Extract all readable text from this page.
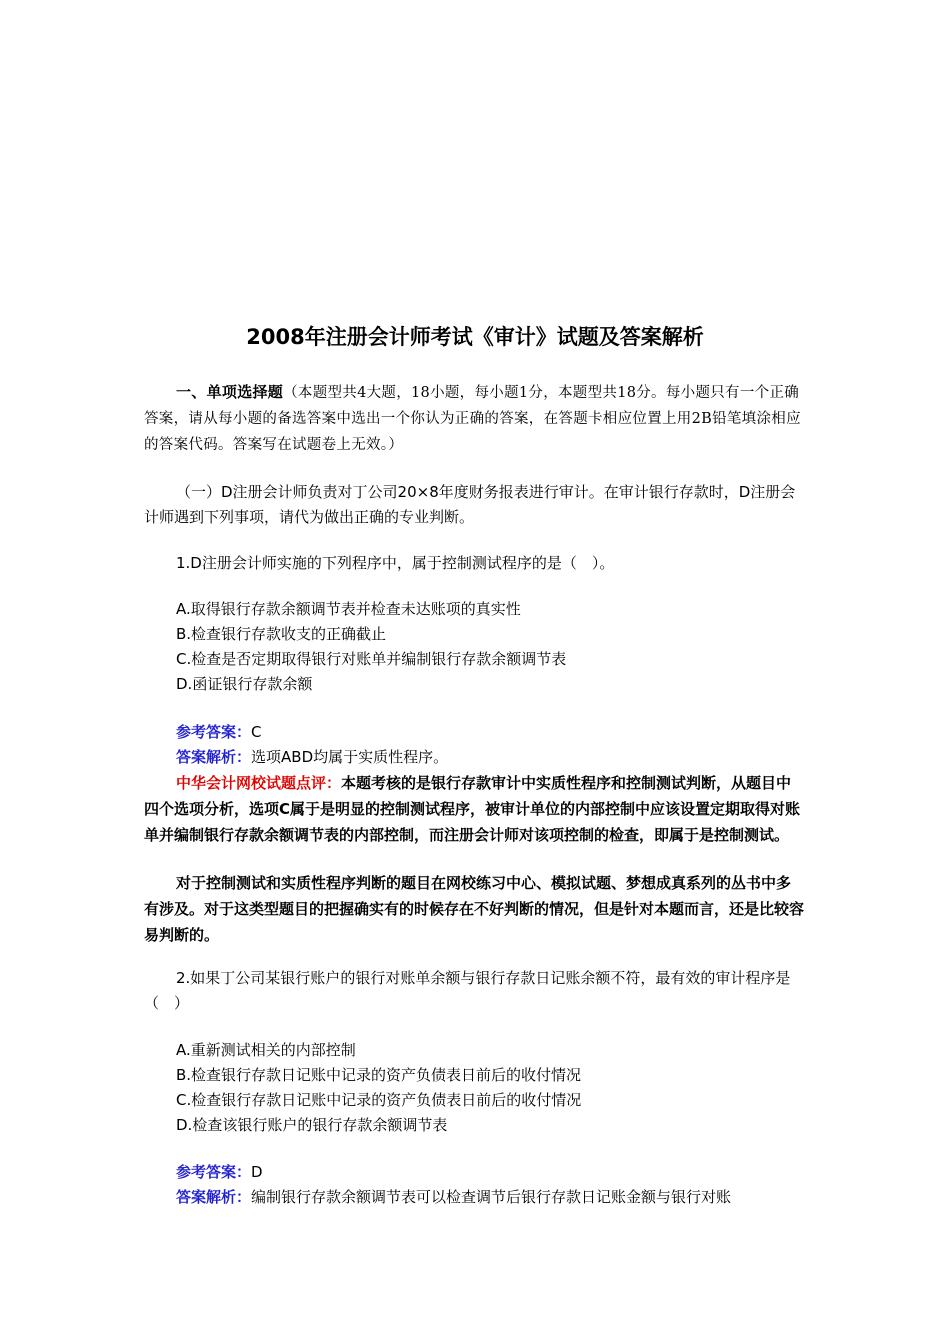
2008年注册会计师考试《审计》试题及答案解析

一、单项选择题（本题型共4大题，18小题，每小题1分，本题型共18分。每小题只有一个正确答案，请从每小题的备选答案中选出一个你认为正确的答案，在答题卡相应位置上用2B铅笔填涂相应的答案代码。答案写在试题卷上无效。）

（一）D注册会计师负责对丁公司20×8年度财务报表进行审计。在审计银行存款时，D注册会计师遇到下列事项，请代为做出正确的专业判断。

1.D注册会计师实施的下列程序中，属于控制测试程序的是（　）。

A.取得银行存款余额调节表并检查未达账项的真实性
B.检查银行存款收支的正确截止
C.检查是否定期取得银行对账单并编制银行存款余额调节表
D.函证银行存款余额
参考答案：C
答案解析：选项ABD均属于实质性程序。

中华会计网校试题点评：本题考核的是银行存款审计中实质性程序和控制测试判断，从题目中四个选项分析，选项C属于是明显的控制测试程序，被审计单位的内部控制中应该设置定期取得对账单并编制银行存款余额调节表的内部控制，而注册会计师对该项控制的检查，即属于是控制测试。

对于控制测试和实质性程序判断的题目在网校练习中心、模拟试题、梦想成真系列的丛书中多有涉及。对于这类型题目的把握确实有的时候存在不好判断的情况，但是针对本题而言，还是比较容易判断的。

2.如果丁公司某银行账户的银行对账单余额与银行存款日记账余额不符，最有效的审计程序是（　）

A.重新测试相关的内部控制
B.检查银行存款日记账中记录的资产负债表日前后的收付情况
C.检查银行存款日记账中记录的资产负债表日前后的收付情况
D.检查该银行账户的银行存款余额调节表
参考答案：D
答案解析：编制银行存款余额调节表可以检查调节后银行存款日记账金额与银行对账
